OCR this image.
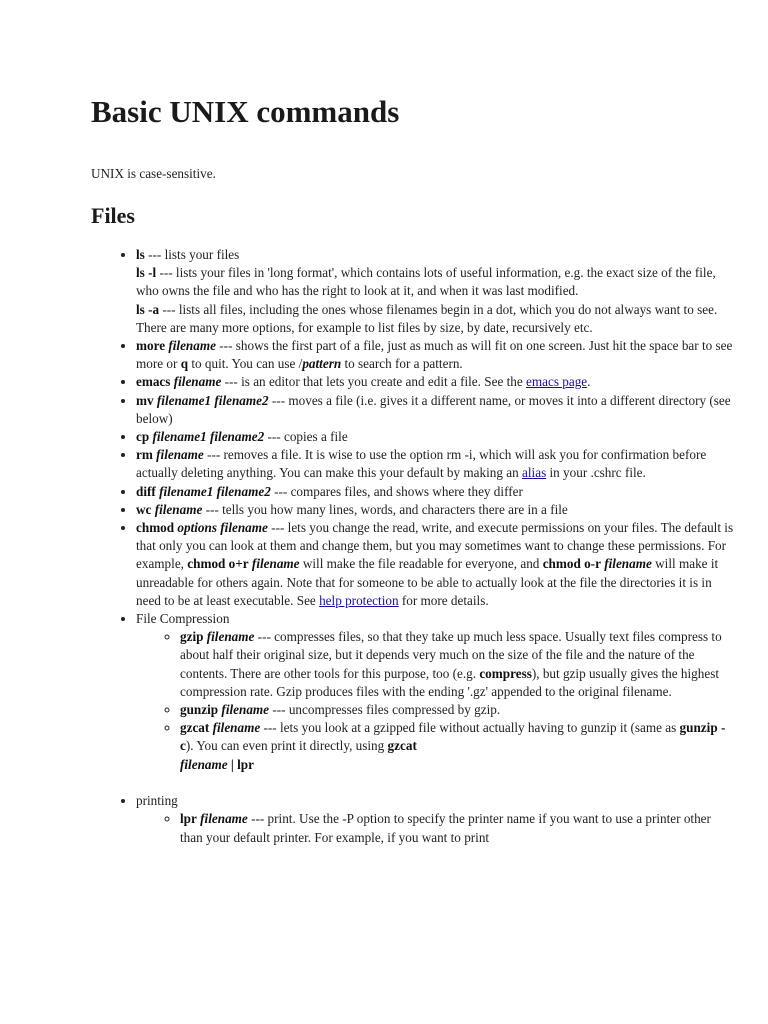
Basic UNIX commands

UNIX is case-sensitive.

Files
• ls --- lists your files
ls -l --- lists your files in 'long format', which contains lots of useful information, e.g. the exact size of the file, who owns the file and who has the right to look at it, and when it was last modified.
ls -a --- lists all files, including the ones whose filenames begin in a dot, which you do not always want to see.
There are many more options, for example to list files by size, by date, recursively etc.
• more filename --- shows the first part of a file, just as much as will fit on one screen. Just hit the space bar to see more or q to quit. You can use /pattern to search for a pattern.
• emacs filename --- is an editor that lets you create and edit a file. See the emacs page.
• mv filename1 filename2 --- moves a file (i.e. gives it a different name, or moves it into a different directory (see below)
• cp filename1 filename2 --- copies a file
• rm filename --- removes a file. It is wise to use the option rm -i, which will ask you for confirmation before actually deleting anything. You can make this your default by making an alias in your .cshrc file.
• diff filename1 filename2 --- compares files, and shows where they differ
• wc filename --- tells you how many lines, words, and characters there are in a file
• chmod options filename --- lets you change the read, write, and execute permissions on your files. The default is that only you can look at them and change them, but you may sometimes want to change these permissions. For example, chmod o+r filename will make the file readable for everyone, and chmod o-r filename will make it unreadable for others again. Note that for someone to be able to actually look at the file the directories it is in need to be at least executable. See help protection for more details.
• File Compression
◦ gzip filename --- compresses files, so that they take up much less space. Usually text files compress to about half their original size, but it depends very much on the size of the file and the nature of the contents. There are other tools for this purpose, too (e.g. compress), but gzip usually gives the highest compression rate. Gzip produces files with the ending '.gz' appended to the original filename.
◦ gunzip filename --- uncompresses files compressed by gzip.
◦ gzcat filename --- lets you look at a gzipped file without actually having to gunzip it (same as gunzip -c). You can even print it directly, using gzcat
filename | lpr

• printing
◦ lpr filename --- print. Use the -P option to specify the printer name if you want to use a printer other than your default printer. For example, if you want to print
